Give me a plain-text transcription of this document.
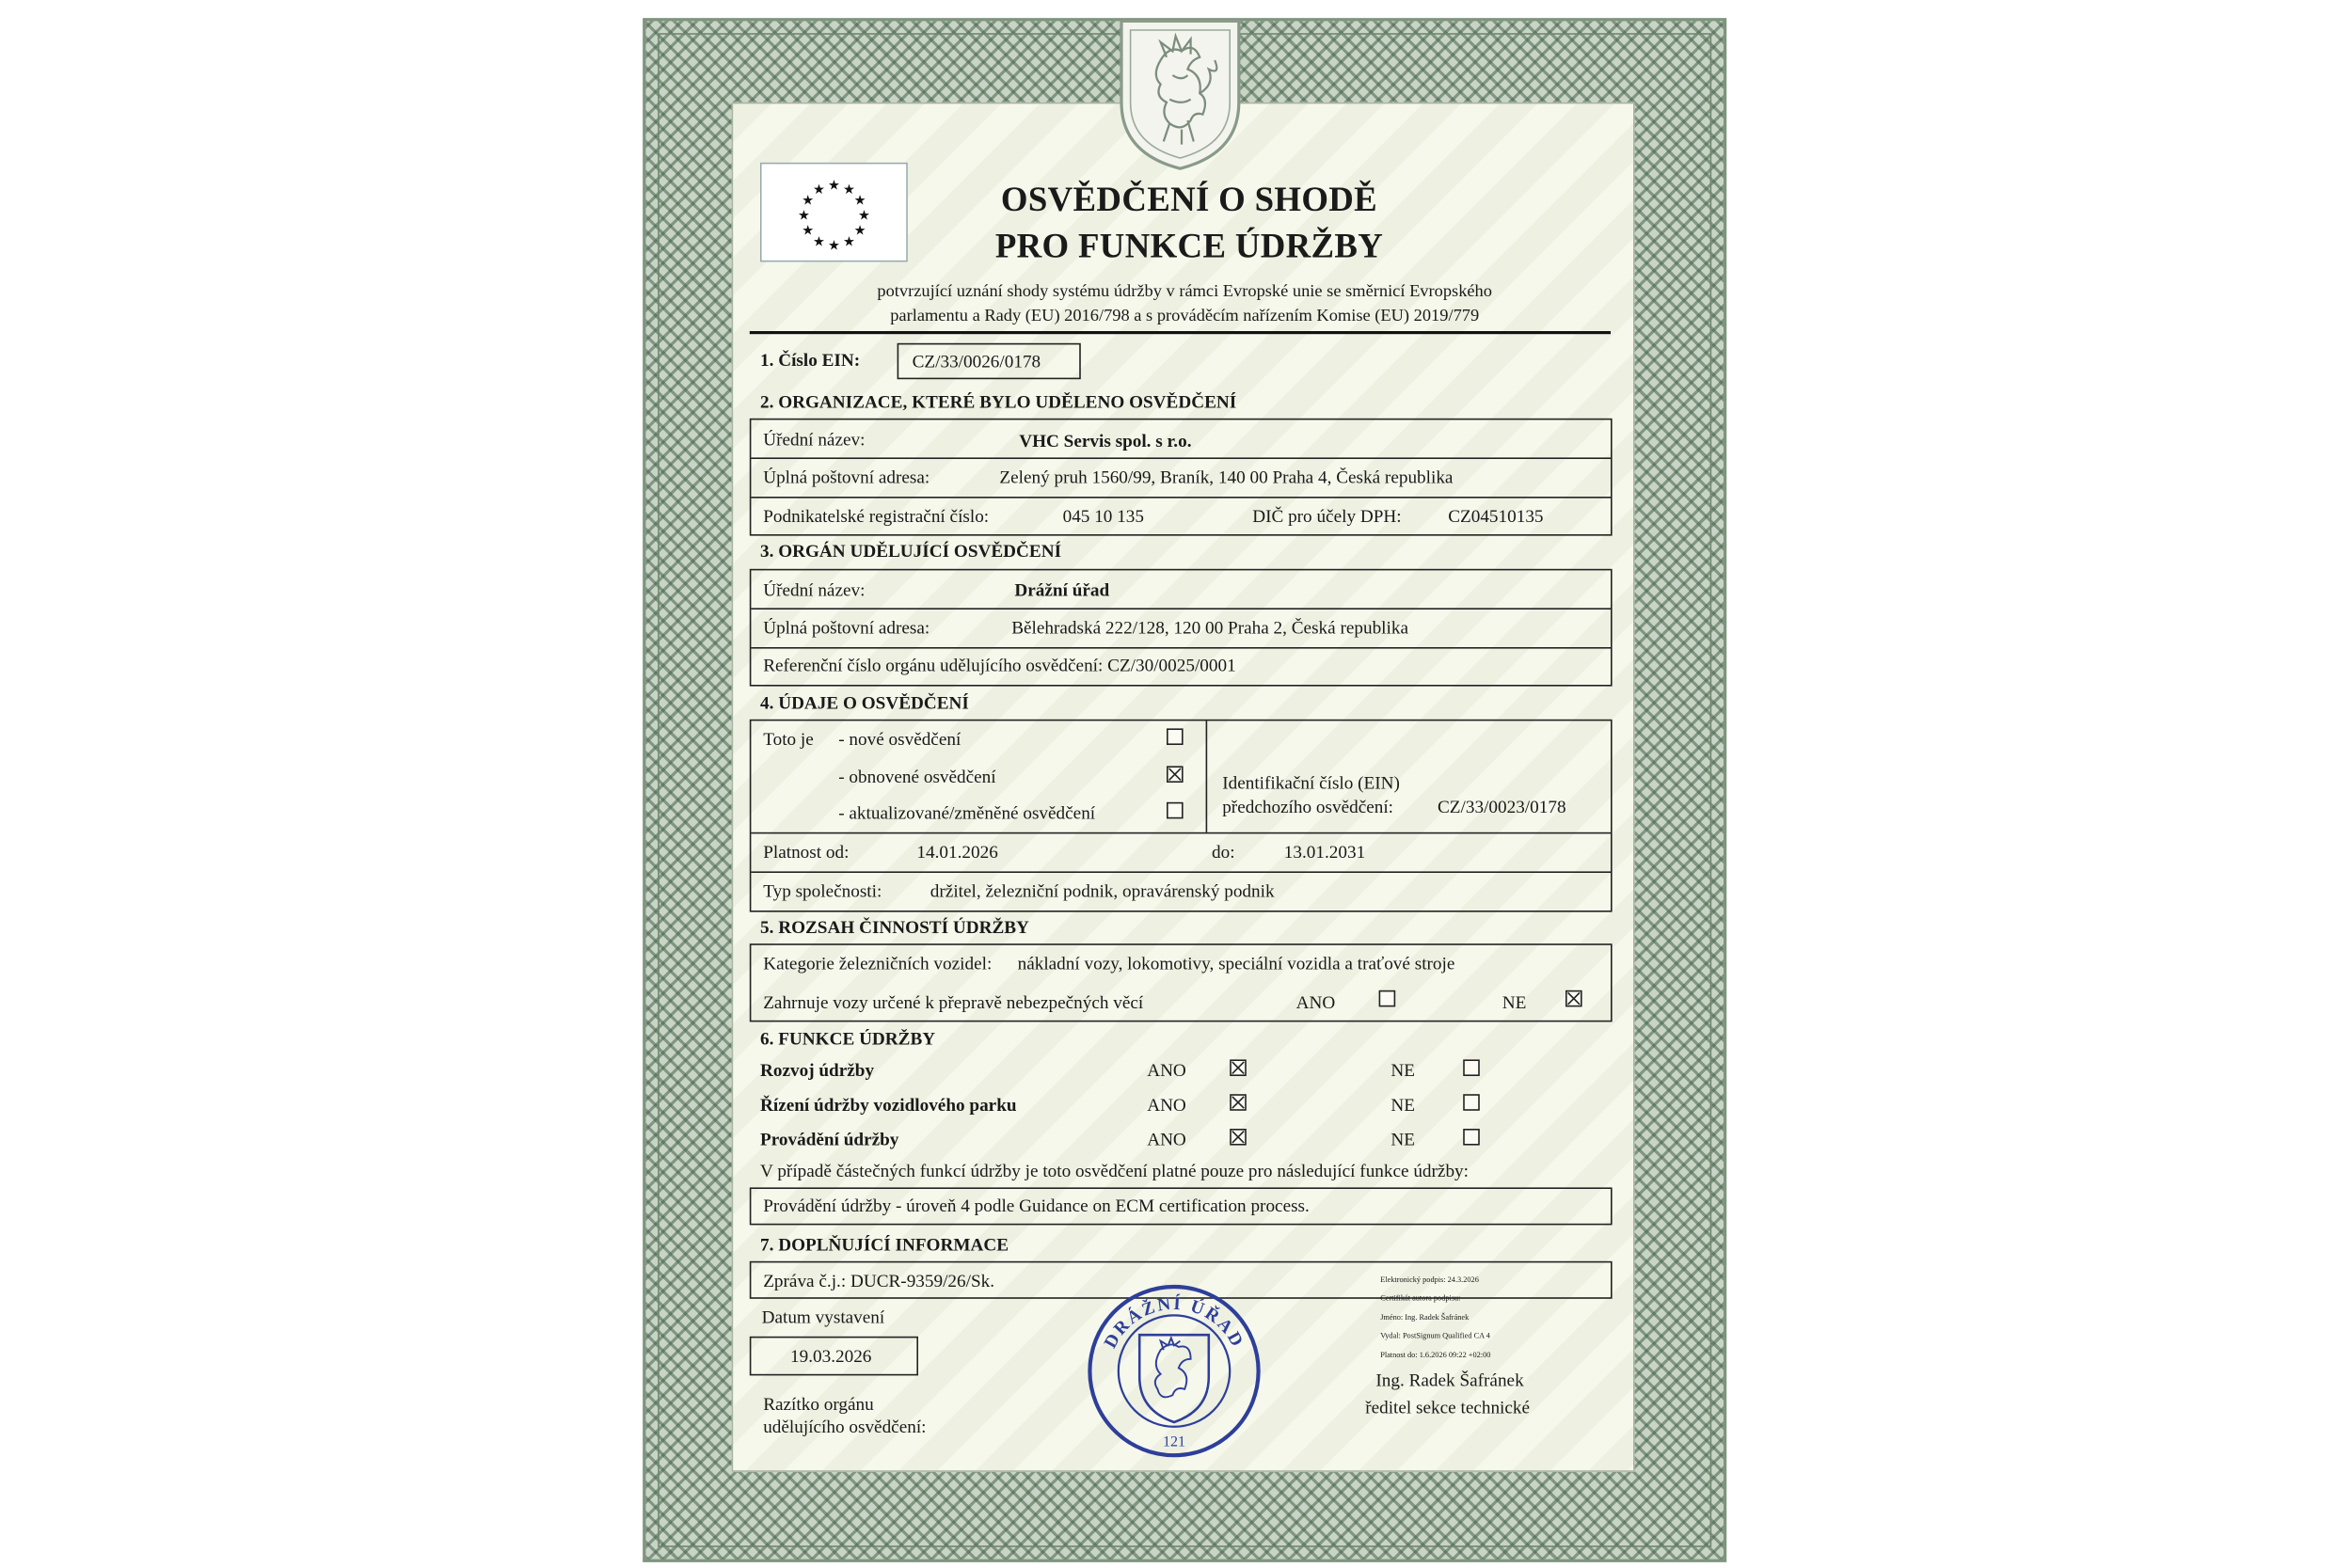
★ ★
★
★
★
★
★
★
★
★
★
★	OSVĚDČENÍ O SHODĚ
PRO FUNKCE ÚDRŽBY
potvrzující uznání shody systému údržby v rámci Evropské unie se směrnicí Evropského
parlamentu a Rady (EU) 2016/798 a s prováděcím nařízením Komise (EU) 2019/779
1. Číslo EIN:	CZ/33/0026/0178
2. ORGANIZACE, KTERÉ BYLO UDĚLENO OSVĚDČENÍ
Úřední název:	VHC Servis spol. s r.o.
Úplná poštovní adresa:	Zelený pruh 1560/99, Braník, 140 00 Praha 4, Česká republika
Podnikatelské registrační číslo:	045 10 135	DIČ pro účely DPH:	CZ04510135
3. ORGÁN UDĚLUJÍCÍ OSVĚDČENÍ
Úřední název:	Drážní úřad
Úplná poštovní adresa:	Bělehradská 222/128, 120 00 Praha 2, Česká republika
Referenční číslo orgánu udělujícího osvědčení: CZ/30/0025/0001
4. ÚDAJE O OSVĚDČENÍ
Toto je - nové osvědčení
- obnovené osvědčení
- aktualizované/změněné osvědčení
Identifikační číslo (EIN)
předchozího osvědčení:	CZ/33/0023/0178
Platnost od:	14.01.2026	do:	13.01.2031
Typ společnosti:	držitel, železniční podnik, opravárenský podnik
5. ROZSAH ČINNOSTÍ ÚDRŽBY
Kategorie železničních vozidel: nákladní vozy, lokomotivy, speciální vozidla a traťové stroje
Zahrnuje vozy určené k přepravě nebezpečných věcí	ANO	NE
6. FUNKCE ÚDRŽBY
Rozvoj údržby	ANO	NE
Řízení údržby vozidlového parku	ANO	NE
Provádění údržby	ANO	NE
V případě částečných funkcí údržby je toto osvědčení platné pouze pro následující funkce údržby:
Provádění údržby - úroveň 4 podle Guidance on ECM certification process.
7. DOPLŇUJÍCÍ INFORMACE
Zpráva č.j.: DUCR-9359/26/Sk.
Datum vystavení
19.03.2026
Razítko orgánu
udělujícího osvědčení:
DRÁŽNÍ ÚŘAD
121
Elektronický podpis: 24.3.2026
Certifikát autora podpisu:
Jméno: Ing. Radek Šafránek
Vydal: PostSignum Qualified CA 4
Platnost do: 1.6.2026 09:22 +02:00
Ing. Radek Šafránek
ředitel sekce technické
